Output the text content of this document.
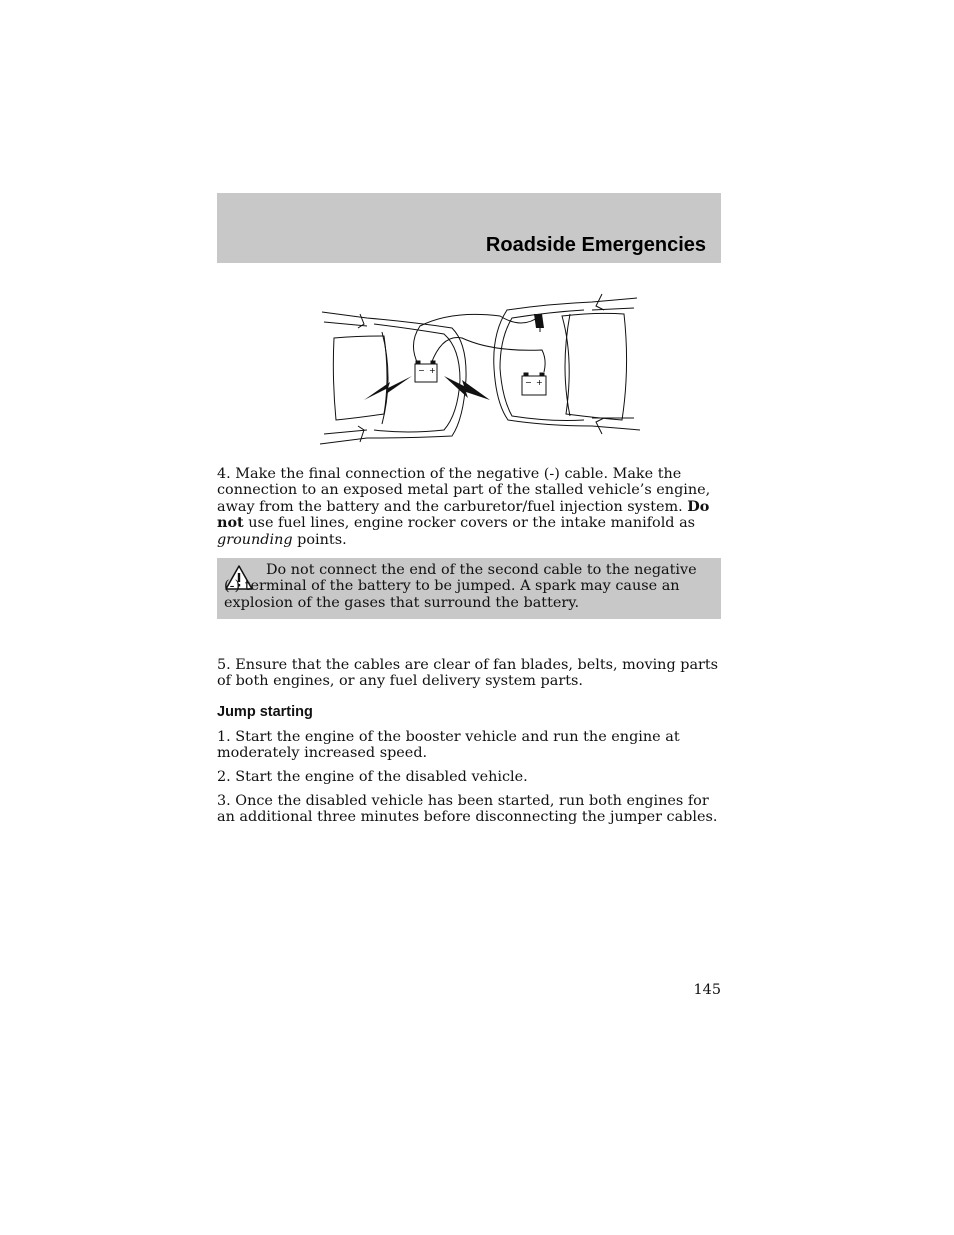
Roadside Emergencies
− +
− +

4. Make the final connection of the negative (-) cable. Make the connection to an exposed metal part of the stalled vehicle’s engine, away from the battery and the carburetor/fuel injection system. Do not use fuel lines, engine rocker covers or the intake manifold as grounding points.

Do not connect the end of the second cable to the negative (-) terminal of the battery to be jumped. A spark may cause an explosion of the gases that surround the battery.

5. Ensure that the cables are clear of fan blades, belts, moving parts of both engines, or any fuel delivery system parts.

Jump starting

1. Start the engine of the booster vehicle and run the engine at moderately increased speed.

2. Start the engine of the disabled vehicle.

3. Once the disabled vehicle has been started, run both engines for an additional three minutes before disconnecting the jumper cables.

145
